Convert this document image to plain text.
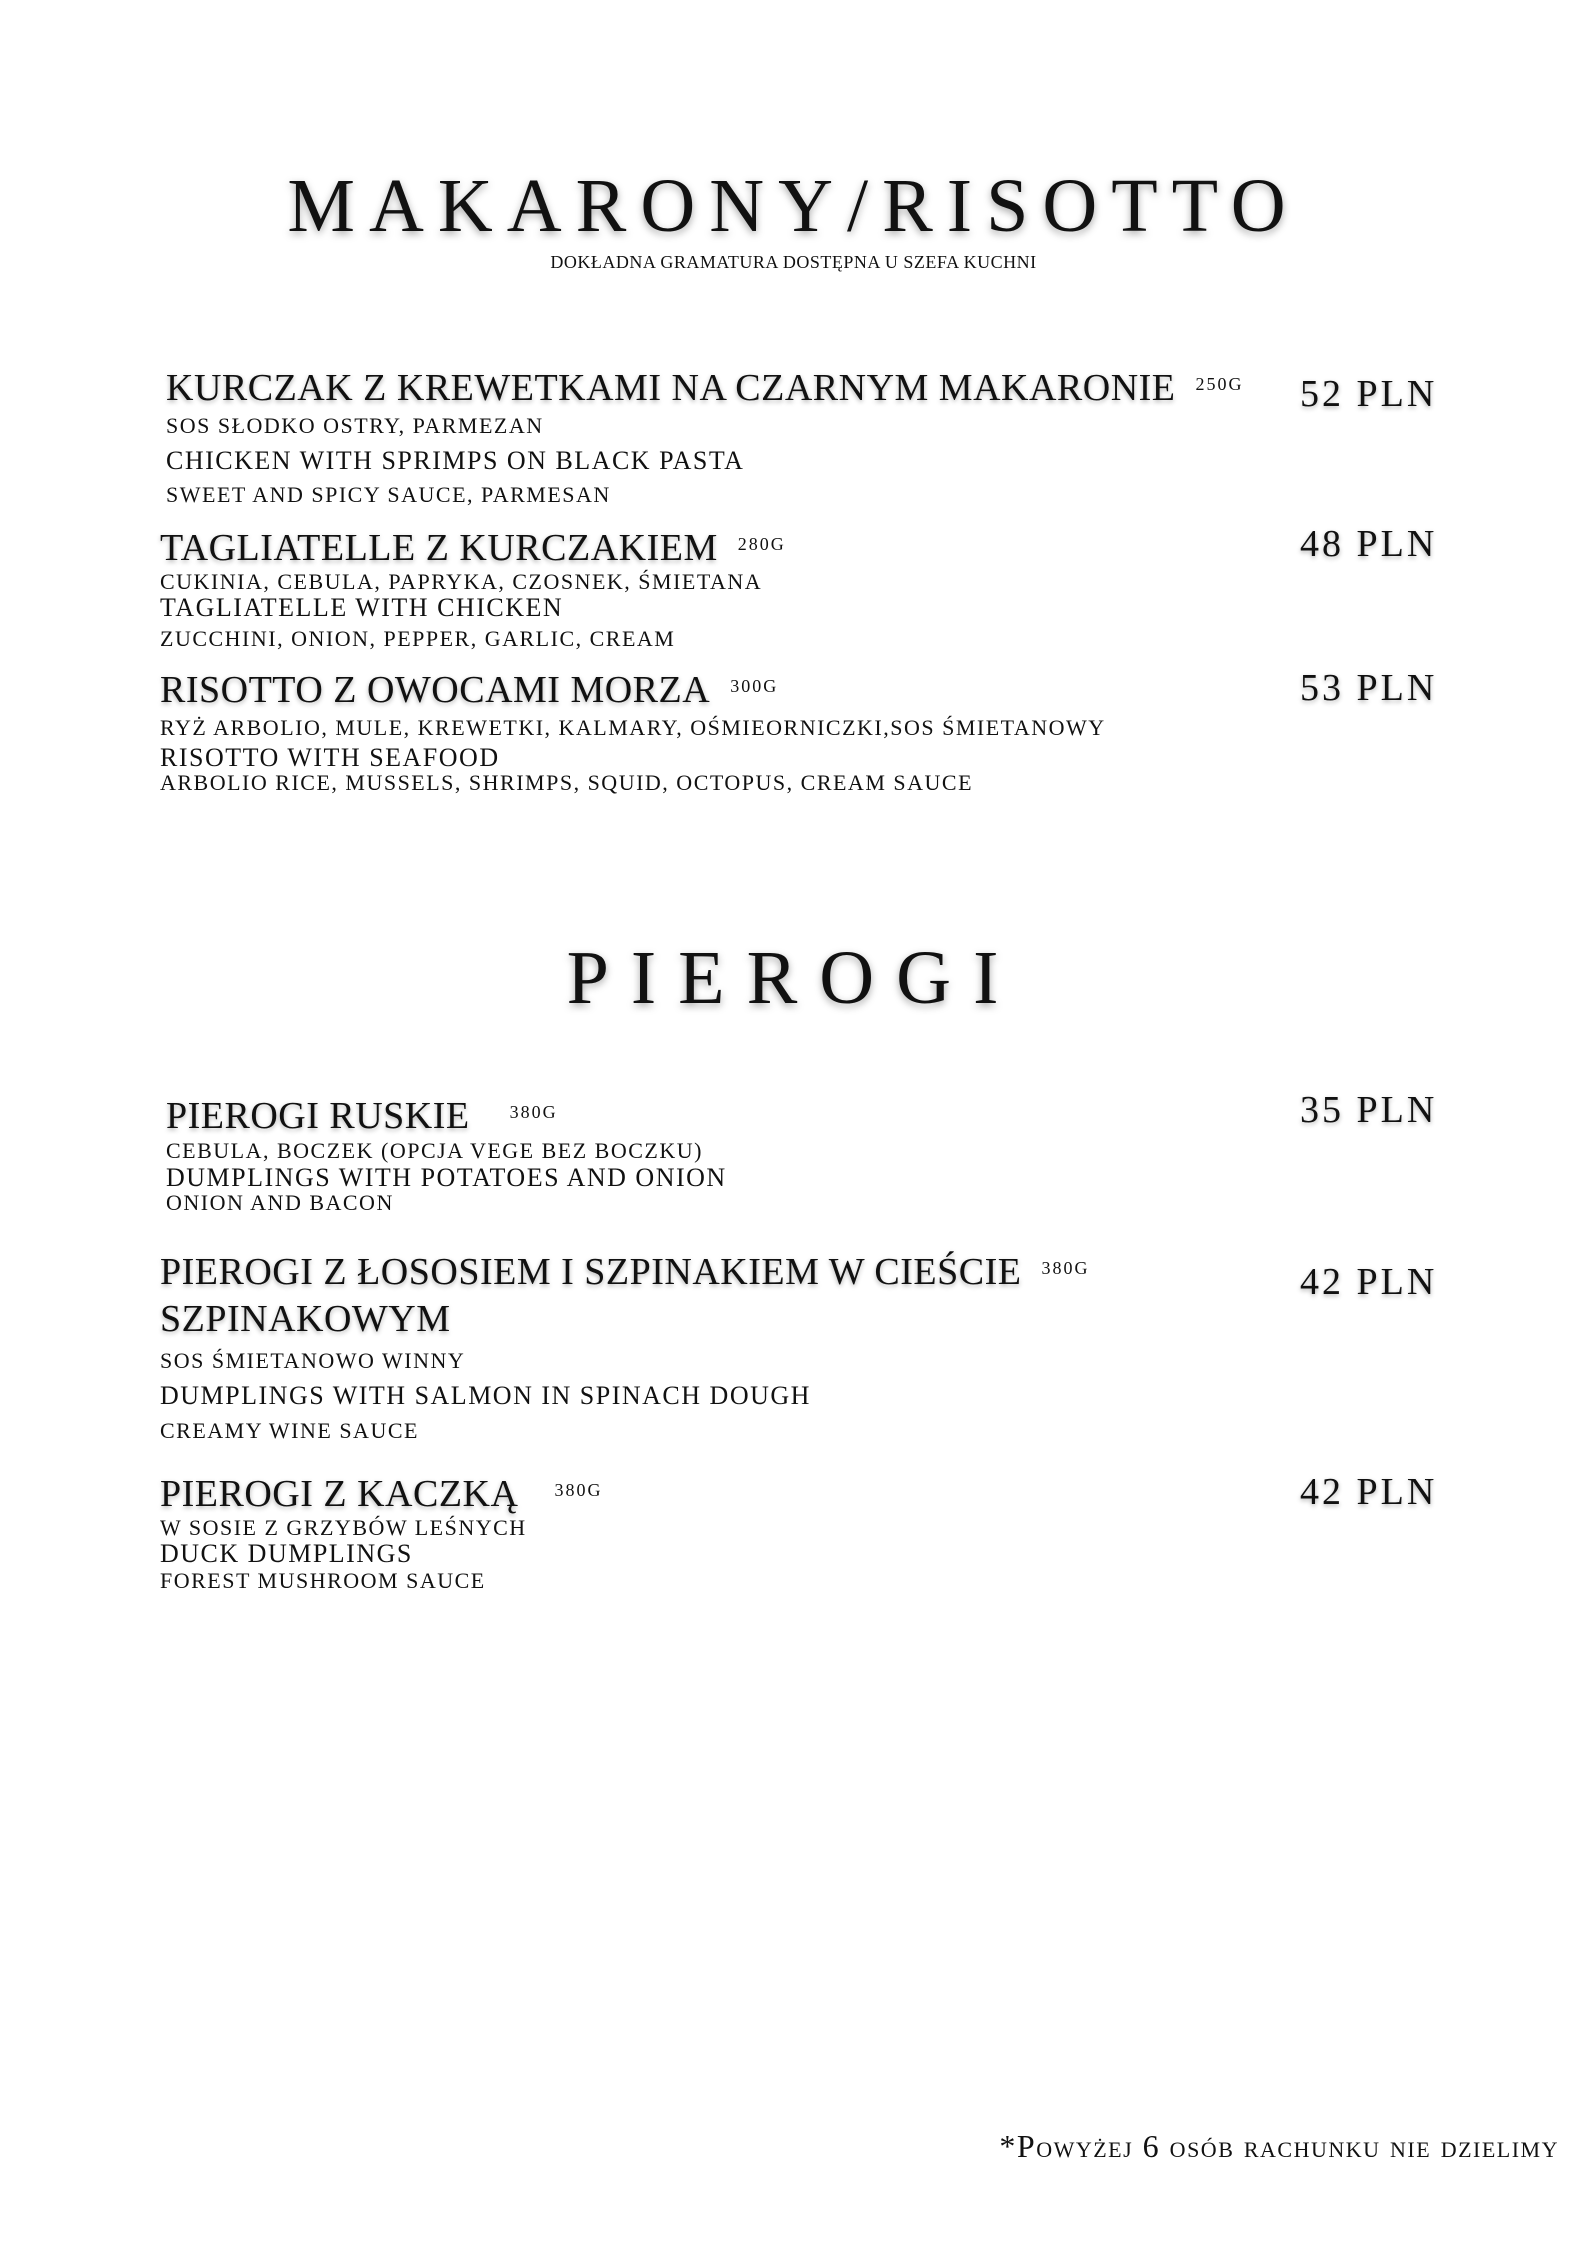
MAKARONY/RISOTTO
DOKŁADNA GRAMATURA DOSTĘPNA U SZEFA KUCHNI
KURCZAK Z KREWETKAMI NA CZARNYM MAKARONIE 250G
SOS SŁODKO OSTRY, PARMEZAN
CHICKEN WITH SPRIMPS ON BLACK PASTA
SWEET AND SPICY SAUCE, PARMESAN
52 PLN
TAGLIATELLE Z KURCZAKIEM 280G
CUKINIA, CEBULA, PAPRYKA, CZOSNEK, ŚMIETANA
TAGLIATELLE WITH CHICKEN
ZUCCHINI, ONION, PEPPER, GARLIC, CREAM
48 PLN
RISOTTO Z OWOCAMI MORZA 300G
RYŻ ARBOLIO, MULE, KREWETKI, KALMARY, OŚMIEORNICZKI,SOS ŚMIETANOWY
RISOTTO WITH SEAFOOD
ARBOLIO RICE, MUSSELS, SHRIMPS, SQUID, OCTOPUS, CREAM SAUCE
53 PLN
PIEROGI
PIEROGI RUSKIE 380G
CEBULA, BOCZEK (OPCJA VEGE BEZ BOCZKU)
DUMPLINGS WITH POTATOES AND ONION
ONION AND BACON
35 PLN
PIEROGI Z ŁOSOSIEM I SZPINAKIEM W CIEŚCIE 380G
SZPINAKOWYM
SOS ŚMIETANOWO WINNY
DUMPLINGS WITH SALMON IN SPINACH DOUGH
CREAMY WINE SAUCE
42 PLN
PIEROGI Z KACZKĄ 380G
W SOSIE Z GRZYBÓW LEŚNYCH
DUCK DUMPLINGS
FOREST MUSHROOM SAUCE
42 PLN
*Powyżej 6 osób rachunku nie dzielimy
